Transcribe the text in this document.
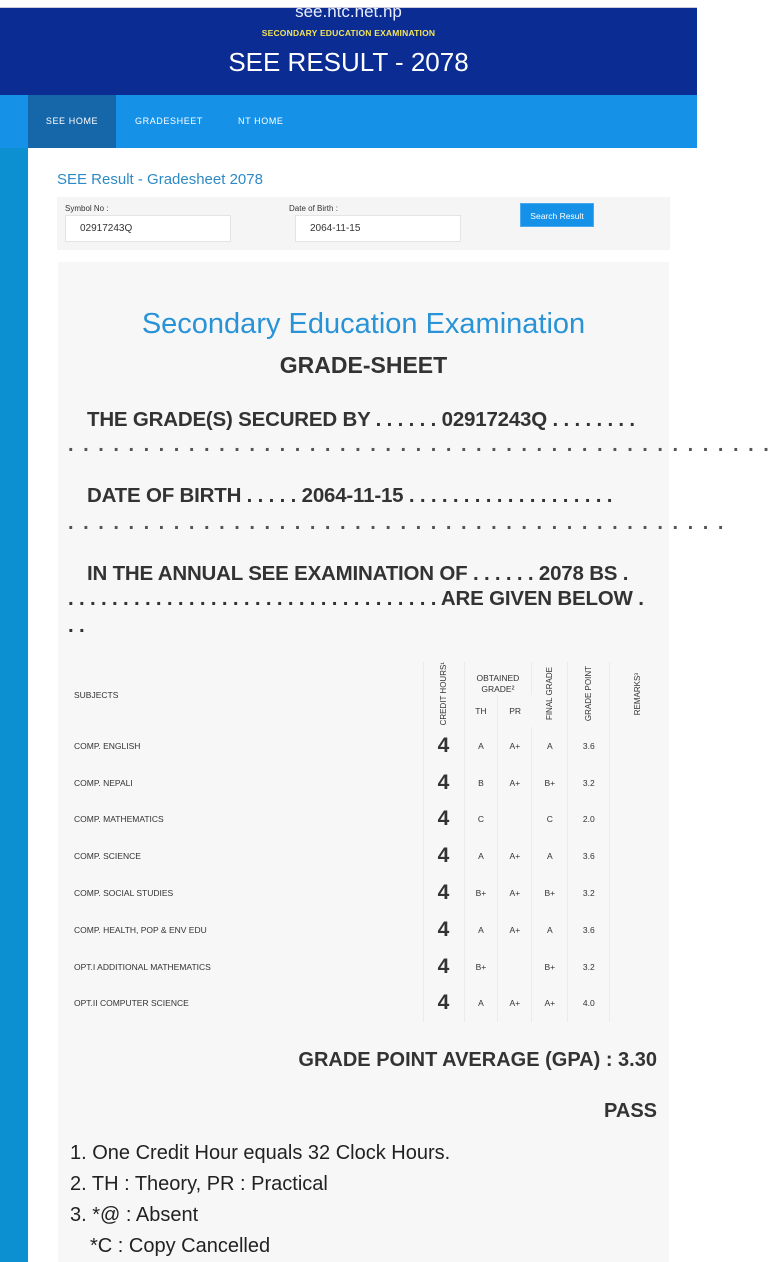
see.ntc.net.np
SECONDARY EDUCATION EXAMINATION
SEE RESULT - 2078
SEE HOME	GRADESHEET	NT HOME
SEE Result - Gradesheet 2078
Symbol No :
02917243Q
Date of Birth :
2064-11-15
Search Result
Secondary Education Examination
GRADE-SHEET
THE GRADE(S) SECURED BY . . . . . . 02917243Q . . . . . . . .
. . . . . . . . . . . . . . . . . . . . . . . . . . . . . . . . . . . . . . . . . . . . . . .
DATE OF BIRTH . . . . . 2064-11-15 . . . . . . . . . . . . . . . . . . .
. . . . . . . . . . . . . . . . . . . . . . . . . . . . . . . . . . . . . . . . . . . .
IN THE ANNUAL SEE EXAMINATION OF . . . . . . 2078 BS .
. . . . . . . . . . . . . . . . . . . . . . . . . . . . . . . . . . ARE GIVEN BELOW .
. .
SUBJECTS	CREDIT HOURS¹	OBTAINED GRADE²		FINAL GRADE	GRADE POINT	REMARKS³
		TH	PR			
COMP. ENGLISH	4	A	A+	A	3.6	
COMP. NEPALI	4	B	A+	B+	3.2	
COMP. MATHEMATICS	4	C		C	2.0	
COMP. SCIENCE	4	A	A+	A	3.6	
COMP. SOCIAL STUDIES	4	B+	A+	B+	3.2	
COMP. HEALTH, POP & ENV EDU	4	A	A+	A	3.6	
OPT.I ADDITIONAL MATHEMATICS	4	B+		B+	3.2	
OPT.II COMPUTER SCIENCE	4	A	A+	A+	4.0	
GRADE POINT AVERAGE (GPA) : 3.30
PASS
1. One Credit Hour equals 32 Clock Hours.
2. TH : Theory, PR : Practical
3. *@ : Absent
*C : Copy Cancelled
